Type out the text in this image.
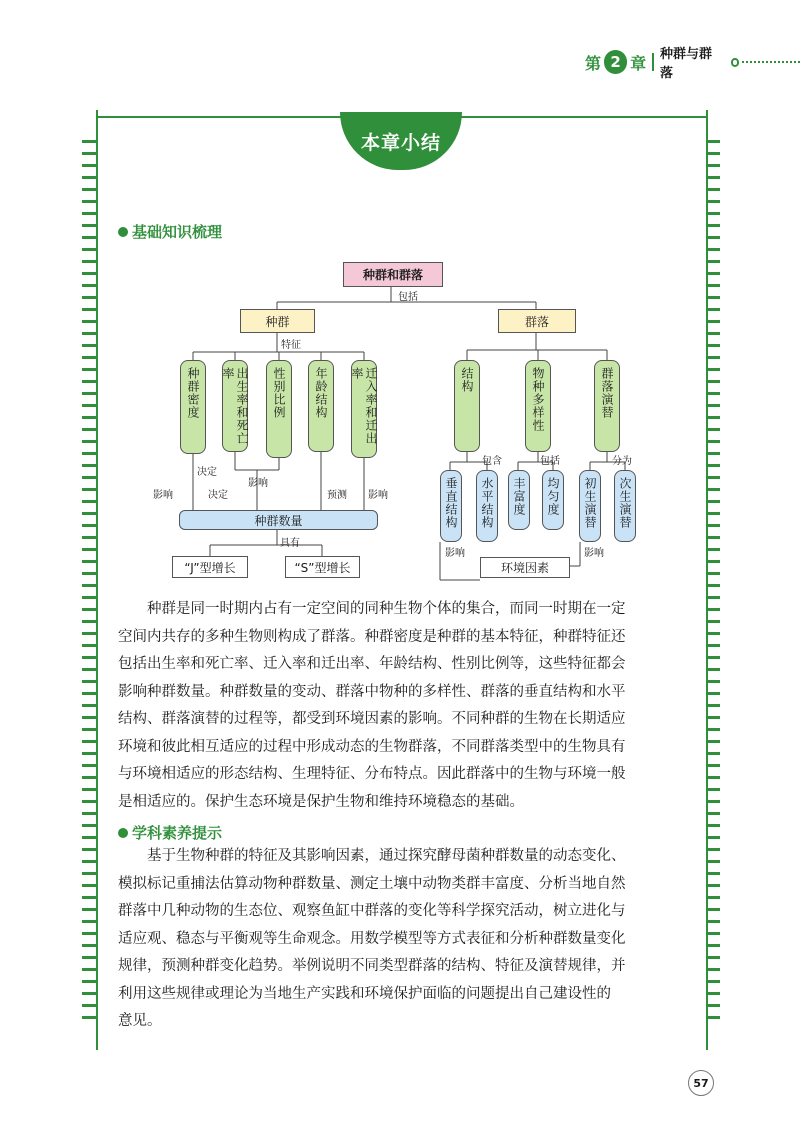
第 2 章 种群与群落
本章小结
基础知识梳理
种群和群落
包括
种群
特征
群落
种群密度	出生率和死亡率	性别比例	年龄结构	迁入率和迁出率
决定
影响
影响
决定	预测 影响
种群数量
具有
“J”型增长	“S”型增长
结构	物种多样性	群落演替
包含	包括	分为
垂直结构	水平结构	丰富度	均匀度	初生演替	次生演替
影响	影响
环境因素
种群是同一时期内占有一定空间的同种生物个体的集合，而同一时期在一定
空间内共存的多种生物则构成了群落。种群密度是种群的基本特征，种群特征还
包括出生率和死亡率、迁入率和迁出率、年龄结构、性别比例等，这些特征都会
影响种群数量。种群数量的变动、群落中物种的多样性、群落的垂直结构和水平
结构、群落演替的过程等，都受到环境因素的影响。不同种群的生物在长期适应
环境和彼此相互适应的过程中形成动态的生物群落，不同群落类型中的生物具有
与环境相适应的形态结构、生理特征、分布特点。因此群落中的生物与环境一般
是相适应的。保护生态环境是保护生物和维持环境稳态的基础。
学科素养提示
基于生物种群的特征及其影响因素，通过探究酵母菌种群数量的动态变化、
模拟标记重捕法估算动物种群数量、测定土壤中动物类群丰富度、分析当地自然
群落中几种动物的生态位、观察鱼缸中群落的变化等科学探究活动，树立进化与
适应观、稳态与平衡观等生命观念。用数学模型等方式表征和分析种群数量变化
规律，预测种群变化趋势。举例说明不同类型群落的结构、特征及演替规律，并
利用这些规律或理论为当地生产实践和环境保护面临的问题提出自己建设性的
意见。
57
